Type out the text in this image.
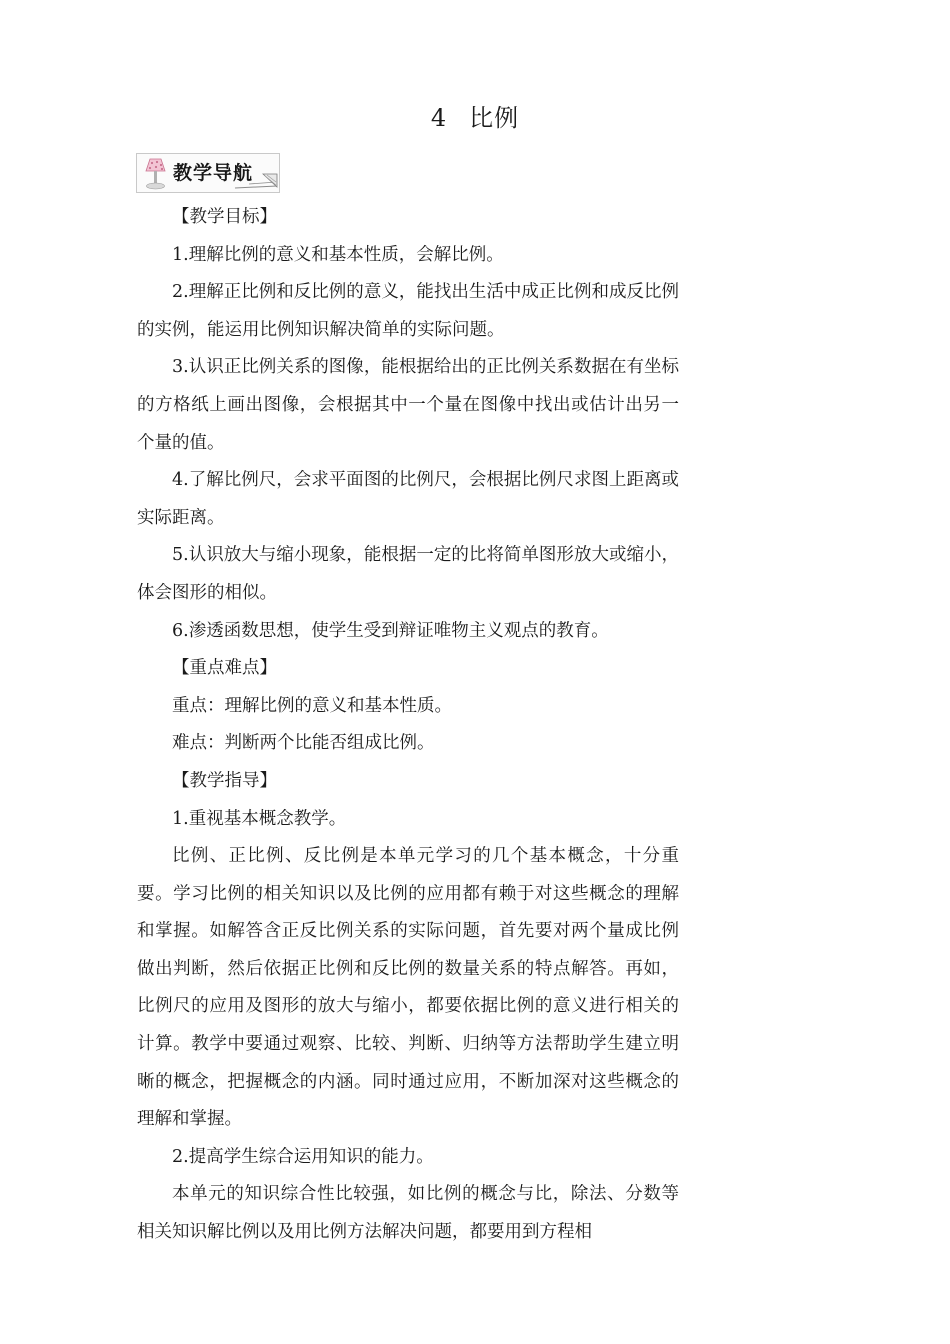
4 比例
教学导航

【教学目标】

1.理解比例的意义和基本性质，会解比例。

2.理解正比例和反比例的意义，能找出生活中成正比例和成反比例的实例，能运用比例知识解决简单的实际问题。

3.认识正比例关系的图像，能根据给出的正比例关系数据在有坐标的方格纸上画出图像，会根据其中一个量在图像中找出或估计出另一个量的值。

4.了解比例尺，会求平面图的比例尺，会根据比例尺求图上距离或实际距离。

5.认识放大与缩小现象，能根据一定的比将简单图形放大或缩小，体会图形的相似。

6.渗透函数思想，使学生受到辩证唯物主义观点的教育。

【重点难点】

重点：理解比例的意义和基本性质。

难点：判断两个比能否组成比例。

【教学指导】

1.重视基本概念教学。

比例、正比例、反比例是本单元学习的几个基本概念，十分重要。学习比例的相关知识以及比例的应用都有赖于对这些概念的理解和掌握。如解答含正反比例关系的实际问题，首先要对两个量成比例做出判断，然后依据正比例和反比例的数量关系的特点解答。再如，比例尺的应用及图形的放大与缩小，都要依据比例的意义进行相关的计算。教学中要通过观察、比较、判断、归纳等方法帮助学生建立明晰的概念，把握概念的内涵。同时通过应用，不断加深对这些概念的理解和掌握。

2.提高学生综合运用知识的能力。

本单元的知识综合性比较强，如比例的概念与比，除法、分数等相关知识解比例以及用比例方法解决问题，都要用到方程相
